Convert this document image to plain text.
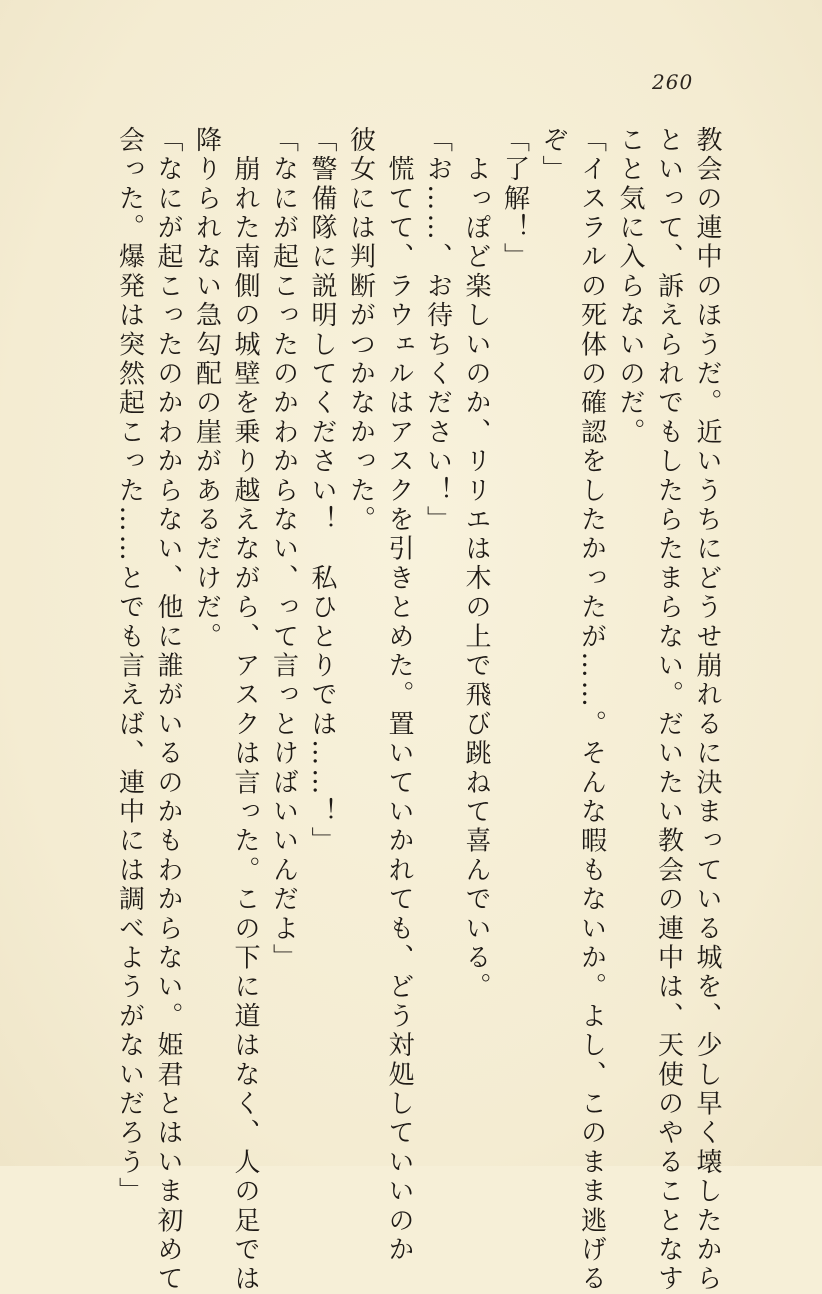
260
教会の連中のほうだ。近いうちにどうせ崩れるに決まっている城を、少し早く壊したから
といって、訴えられでもしたらたまらない。だいたい教会の連中は、天使のやることなす
こと気に入らないのだ。
「イスラルの死体の確認をしたかったが……。そんな暇もないか。よし、このまま逃げる
ぞ」
「了解！」
　よっぽど楽しいのか、リリエは木の上で飛び跳ねて喜んでいる。
「お……、お待ちください！」
　慌てて、ラウェルはアスクを引きとめた。置いていかれても、どう対処していいのか
彼女には判断がつかなかった。
「警備隊に説明してください！　私ひとりでは……！」
「なにが起こったのかわからない、って言っとけばいいんだよ」
　崩れた南側の城壁を乗り越えながら、アスクは言った。この下に道はなく、人の足では
降りられない急勾配の崖があるだけだ。
「なにが起こったのかわからない、他に誰がいるのかもわからない。姫君とはいま初めて
会った。爆発は突然起こった……とでも言えば、連中には調べようがないだろう」
